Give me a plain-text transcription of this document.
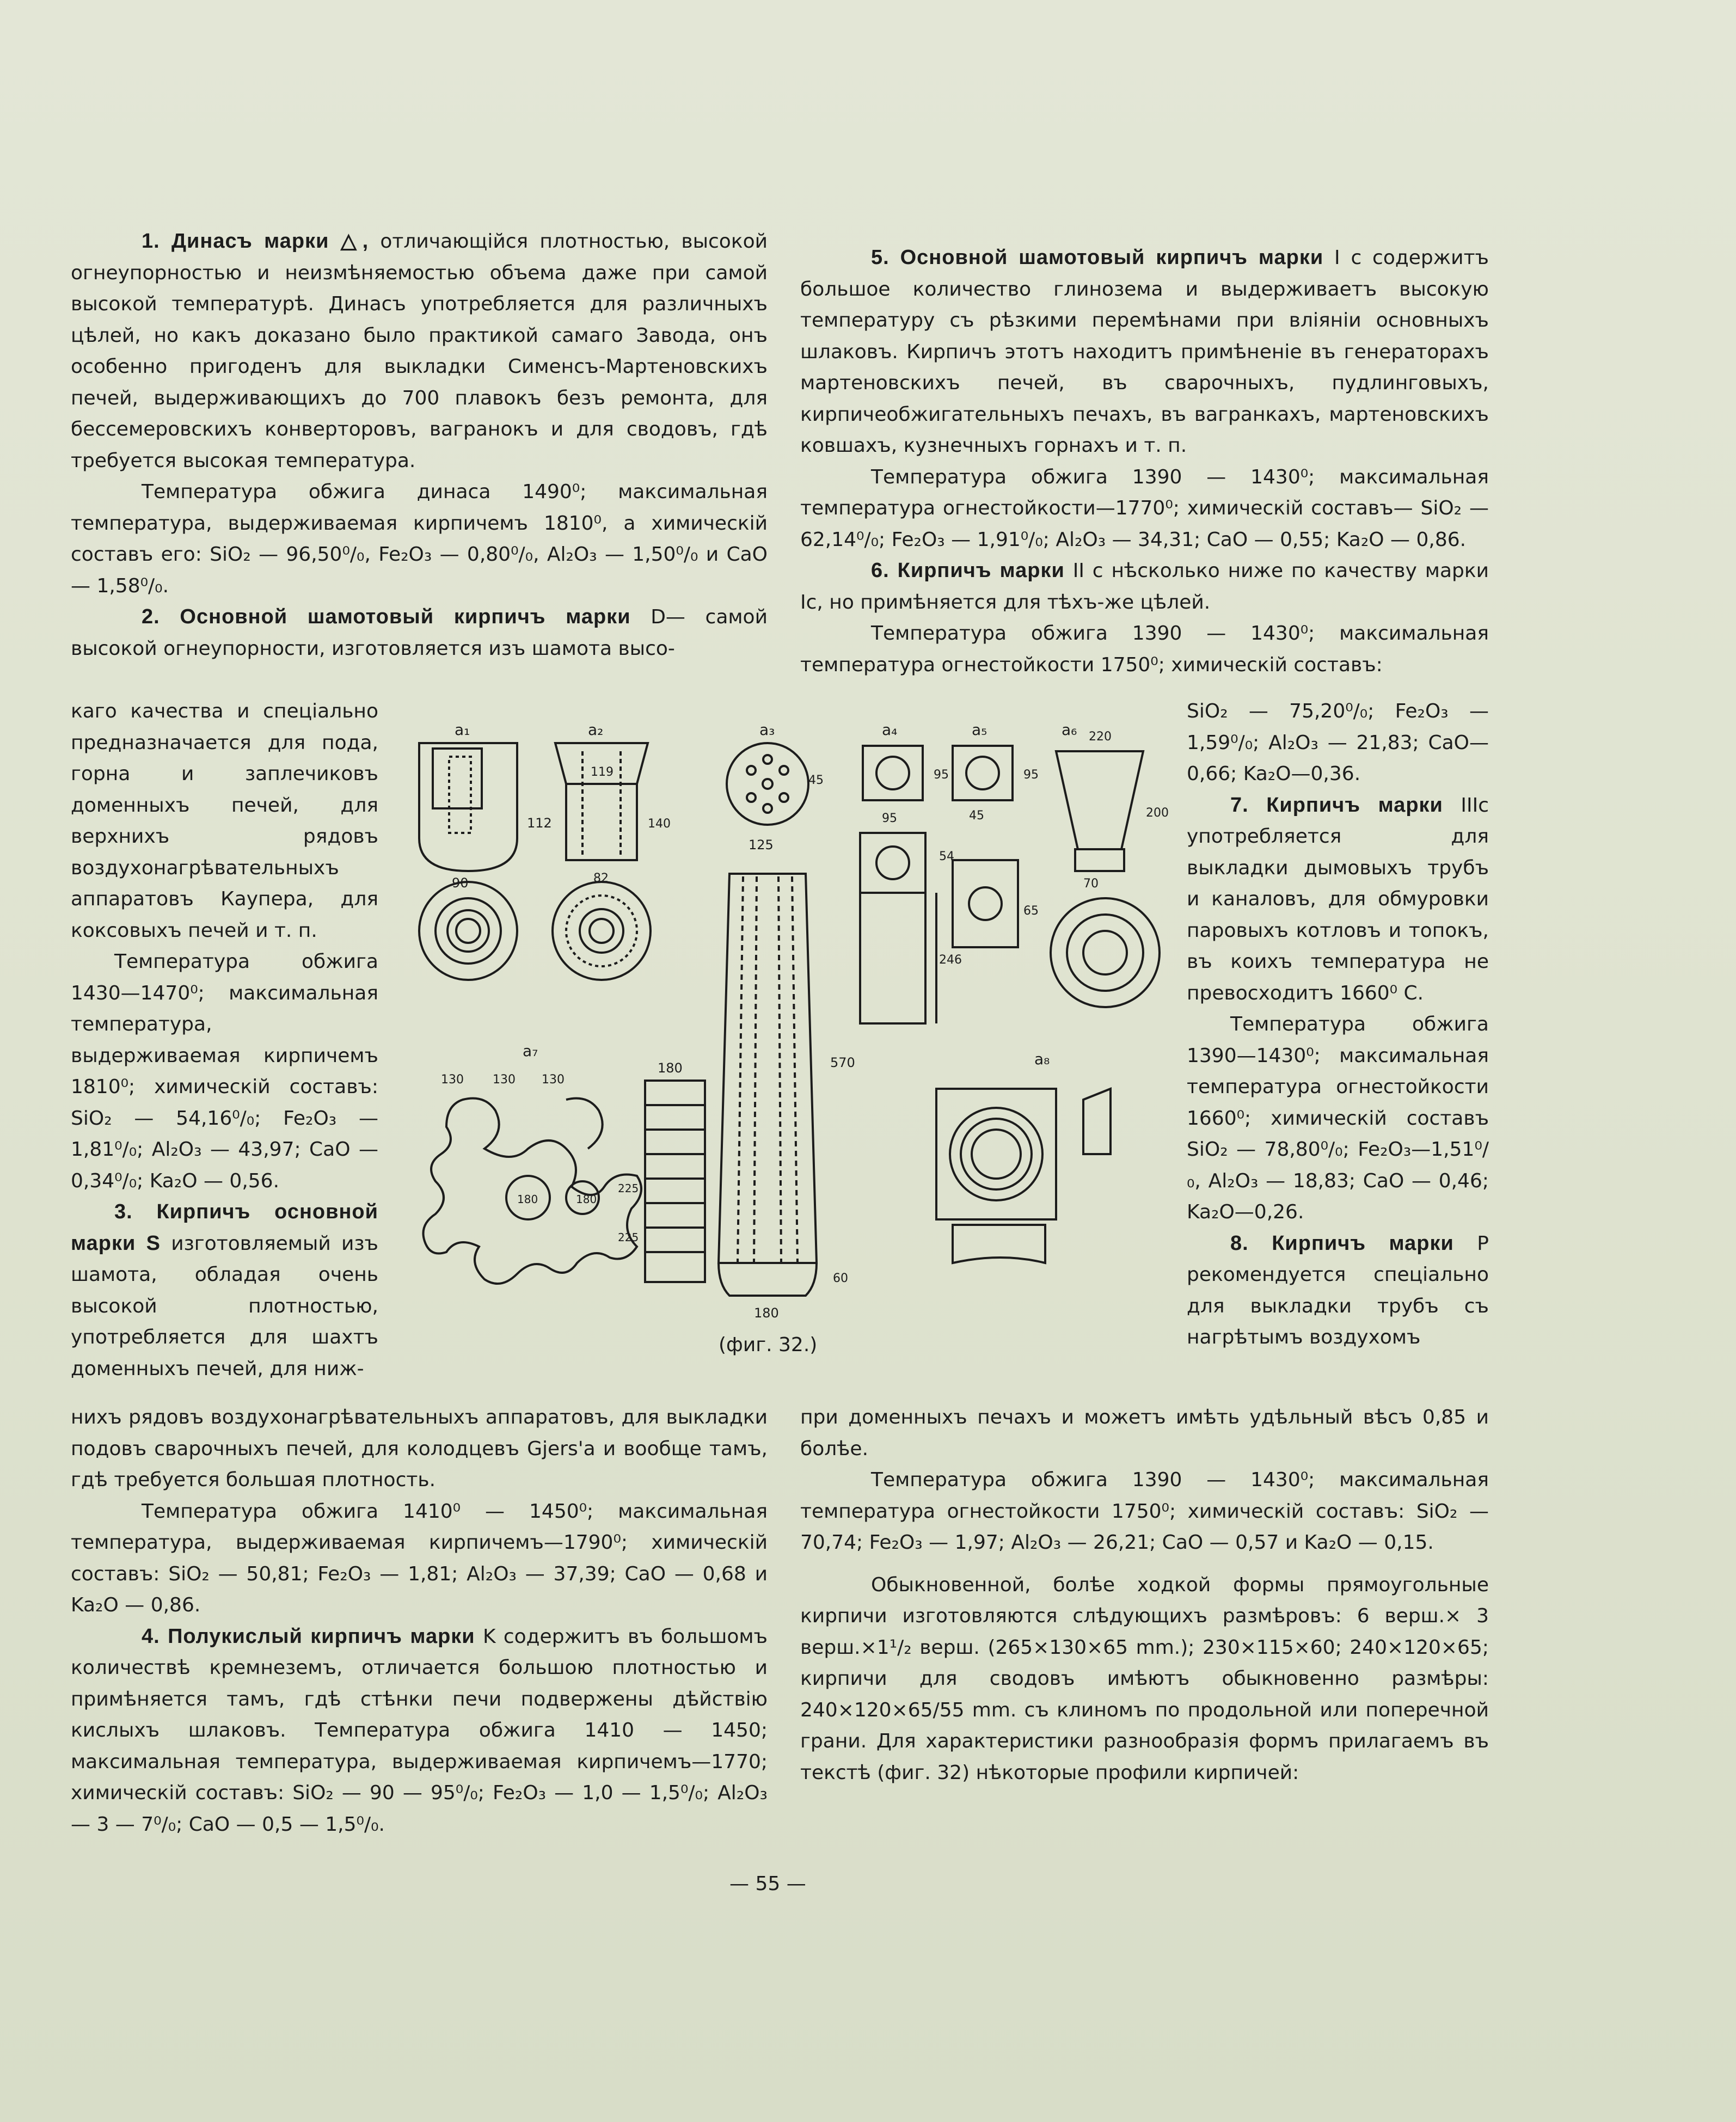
1. Динасъ марки △, отличающійся плотностью, высокой огнеупорностью и неизмѣняемостью объема даже при самой высокой температурѣ. Динасъ употребляется для различныхъ цѣлей, но какъ доказано было практикой самаго Завода, онъ особенно пригоденъ для выкладки Сименсъ-Мартеновскихъ печей, выдерживающихъ до 700 плавокъ безъ ремонта, для бессемеровскихъ конверторовъ, вагранокъ и для сводовъ, гдѣ требуется высокая температура.

Температура обжига динаса 1490⁰; максимальная температура, выдерживаемая кирпичемъ 1810⁰, а химическій составъ его: SiO₂ — 96,50⁰/₀, Fe₂O₃ — 0,80⁰/₀, Al₂O₃ — 1,50⁰/₀ и CaO — 1,58⁰/₀.

2. Основной шамотовый кирпичъ марки D— самой высокой огнеупорности, изготовляется изъ шамота высо-

каго качества и спеціально предназначается для пода, горна и заплечиковъ доменныхъ печей, для верхнихъ рядовъ воздухонагрѣвательныхъ аппаратовъ Каупера, для коксовыхъ печей и т. п.

Температура обжига 1430—1470⁰; максимальная температура, выдерживаемая кирпичемъ 1810⁰; химическій составъ: SiO₂ — 54,16⁰/₀; Fe₂O₃ — 1,81⁰/₀; Al₂O₃ — 43,97; CaO — 0,34⁰/₀; Ka₂O — 0,56.

3. Кирпичъ основной марки S изготовляемый изъ шамота, обладая очень высокой плотностью, употребляется для шахтъ доменныхъ печей, для ниж-

нихъ рядовъ воздухонагрѣвательныхъ аппаратовъ, для выкладки подовъ сварочныхъ печей, для колодцевъ Gjers'a и вообще тамъ, гдѣ требуется большая плотность.

Температура обжига 1410⁰ — 1450⁰; максимальная температура, выдерживаемая кирпичемъ—1790⁰; химическій составъ: SiO₂ — 50,81; Fe₂O₃ — 1,81; Al₂O₃ — 37,39; CaO — 0,68 и Ka₂O — 0,86.

4. Полукислый кирпичъ марки K содержитъ въ большомъ количествѣ кремнеземъ, отличается большою плотностью и примѣняется тамъ, гдѣ стѣнки печи подвержены дѣйствію кислыхъ шлаковъ. Температура обжига 1410 — 1450; максимальная температура, выдерживаемая кирпичемъ—1770; химическій составъ: SiO₂ — 90 — 95⁰/₀; Fe₂O₃ — 1,0 — 1,5⁰/₀; Al₂O₃ — 3 — 7⁰/₀; CaO — 0,5 — 1,5⁰/₀.

5. Основной шамотовый кирпичъ марки I с содержитъ большое количество глинозема и выдерживаетъ высокую температуру съ рѣзкими перемѣнами при вліяніи основныхъ шлаковъ. Кирпичъ этотъ находитъ примѣненіе въ генераторахъ мартеновскихъ печей, въ сварочныхъ, пудлинговыхъ, кирпичеобжигательныхъ печахъ, въ вагранкахъ, мартеновскихъ ковшахъ, кузнечныхъ горнахъ и т. п.

Температура обжига 1390 — 1430⁰; максимальная температура огнестойкости—1770⁰; химическій составъ— SiO₂ — 62,14⁰/₀; Fe₂O₃ — 1,91⁰/₀; Al₂O₃ — 34,31; CaO — 0,55; Ka₂O — 0,86.

6. Кирпичъ марки II с нѣсколько ниже по качеству марки Iс, но примѣняется для тѣхъ-же цѣлей.

Температура обжига 1390 — 1430⁰; максимальная температура огнестойкости 1750⁰; химическій составъ:

SiO₂ — 75,20⁰/₀; Fe₂O₃ — 1,59⁰/₀; Al₂O₃ — 21,83; CaO—0,66; Ka₂O—0,36.

7. Кирпичъ марки IIIс употребляется для выкладки дымовыхъ трубъ и каналовъ, для обмуровки паровыхъ котловъ и топокъ, въ коихъ температура не превосходитъ 1660⁰ С.

Температура обжига 1390—1430⁰; максимальная температура огнестойкости 1660⁰; химическій составъ SiO₂ — 78,80⁰/₀; Fe₂O₃—1,51⁰/₀, Al₂O₃ — 18,83; CaO — 0,46; Ka₂O—0,26.

8. Кирпичъ марки P рекомендуется спеціально для выкладки трубъ съ нагрѣтымъ воздухомъ

при доменныхъ печахъ и можетъ имѣть удѣльный вѣсъ 0,85 и болѣе.

Температура обжига 1390 — 1430⁰; максимальная температура огнестойкости 1750⁰; химическій составъ: SiO₂ — 70,74; Fe₂O₃ — 1,97; Al₂O₃ — 26,21; CaO — 0,57 и Ka₂O — 0,15.

Обыкновенной, болѣе ходкой формы прямоугольные кирпичи изготовляются слѣдующихъ размѣровъ: 6 верш.× 3 верш.×1¹/₂ верш. (265×130×65 mm.); 230×115×60; 240×120×65; кирпичи для сводовъ имѣютъ обыкновенно размѣры: 240×120×65/55 mm. съ клиномъ по продольной или поперечной грани. Для характеристики разнообразія формъ прилагаемъ въ текстѣ (фиг. 32) нѣкоторые профили кирпичей:

a₁
90
112
a₂
119
140
82
a₃
45
125
570
60
180
a₄
95
95
54
246
a₅
95
45
65
a₆ 220
200
70
a₇
130 130 130
180	180
180
225
225
a₈
(фиг. 32.)
— 55 —
